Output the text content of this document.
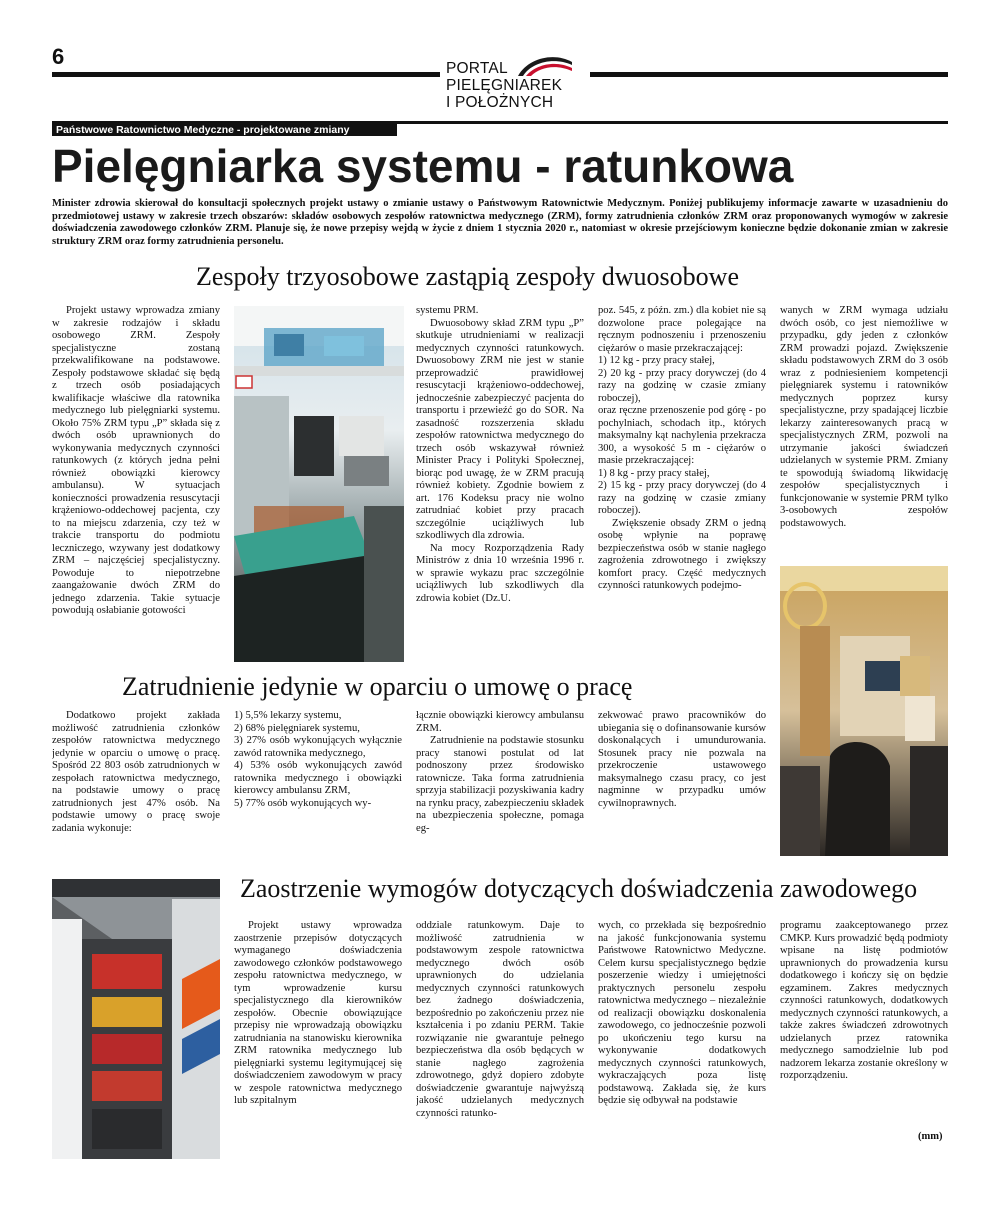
6	PORTAL
PIELĘGNIAREK
I POŁOŻNYCH
Państwowe Ratownictwo Medyczne - projektowane zmiany
Pielęgniarka systemu - ratunkowa
Minister zdrowia skierował do konsultacji społecznych projekt ustawy o zmianie ustawy o Państwowym Ratownictwie Medycznym. Poniżej publikujemy informacje zawarte w uzasadnieniu do przedmiotowej ustawy w zakresie trzech obszarów: składów osobowych zespołów ratownictwa medycznego (ZRM), formy zatrudnienia członków ZRM oraz proponowanych wymogów w zakresie doświadczenia zawodowego członków ZRM. Planuje się, że nowe przepisy wejdą w życie z dniem 1 stycznia 2020 r., natomiast w okresie przejściowym konieczne będzie dokonanie zmian w zakresie struktury ZRM oraz formy zatrudnienia personelu.
Zespoły trzyosobowe zastąpią zespoły dwuosobowe

Projekt ustawy wprowadza zmiany w zakresie rodzajów i składu osobowego ZRM. Zespoły specjalistyczne zostaną przekwalifikowane na podstawowe. Zespoły podstawowe składać się będą z trzech osób posiadających kwalifikacje właściwe dla ratownika medycznego lub pielęgniarki systemu. Około 75% ZRM typu „P” składa się z dwóch osób uprawnionych do wykonywania medycznych czynności ratunkowych (z których jedna pełni również obowiązki kierowcy ambulansu). W sytuacjach konieczności prowadzenia resuscytacji krążeniowo-oddechowej pacjenta, czy to na miejscu zdarzenia, czy też w trakcie transportu do podmiotu leczniczego, wzywany jest dodatkowy ZRM – najczęściej specjalistyczny. Powoduje to niepotrzebne zaangażowanie dwóch ZRM do jednego zdarzenia. Takie sytuacje powodują osłabianie gotowości

systemu PRM.

Dwuosobowy skład ZRM typu „P” skutkuje utrudnieniami w realizacji medycznych czynności ratunkowych. Dwuosobowy ZRM nie jest w stanie przeprowadzić prawidłowej resuscytacji krążeniowo-oddechowej, jednocześnie zabezpieczyć pacjenta do transportu i przewieźć go do SOR. Na zasadność rozszerzenia składu zespołów ratownictwa medycznego do trzech osób wskazywał również Minister Pracy i Polityki Społecznej, biorąc pod uwagę, że w ZRM pracują również kobiety. Zgodnie bowiem z art. 176 Kodeksu pracy nie wolno zatrudniać kobiet przy pracach szczególnie uciążliwych lub szkodliwych dla zdrowia.

Na mocy Rozporządzenia Rady Ministrów z dnia 10 września 1996 r. w sprawie wykazu prac szczególnie uciążliwych lub szkodliwych dla zdrowia kobiet (Dz.U.

poz. 545, z późn. zm.) dla kobiet nie są dozwolone prace polegające na ręcznym podnoszeniu i przenoszeniu ciężarów o masie przekraczającej:

1) 12 kg - przy pracy stałej,

2) 20 kg - przy pracy dorywczej (do 4 razy na godzinę w czasie zmiany roboczej),

oraz ręczne przenoszenie pod górę - po pochylniach, schodach itp., których maksymalny kąt nachylenia przekracza 300, a wysokość 5 m - ciężarów o masie przekraczającej:

1) 8 kg - przy pracy stałej,

2) 15 kg - przy pracy dorywczej (do 4 razy na godzinę w czasie zmiany roboczej).

Zwiększenie obsady ZRM o jedną osobę wpłynie na poprawę bezpieczeństwa osób w stanie nagłego zagrożenia zdrowotnego i zwiększy komfort pracy. Część medycznych czynności ratunkowych podejmo-

wanych w ZRM wymaga udziału dwóch osób, co jest niemożliwe w przypadku, gdy jeden z członków ZRM prowadzi pojazd. Zwiększenie składu podstawowych ZRM do 3 osób wraz z podniesieniem kompetencji pielęgniarek systemu i ratowników medycznych poprzez kursy specjalistyczne, przy spadającej liczbie lekarzy zainteresowanych pracą w specjalistycznych ZRM, pozwoli na utrzymanie jakości świadczeń udzielanych w systemie PRM. Zmiany te spowodują świadomą likwidację zespołów specjalistycznych i funkcjonowanie w systemie PRM tylko 3-osobowych zespołów podstawowych.

Zatrudnienie jedynie w oparciu o umowę o pracę

Dodatkowo projekt zakłada możliwość zatrudnienia członków zespołów ratownictwa medycznego jedynie w oparciu o umowę o pracę. Spośród 22 803 osób zatrudnionych w zespołach ratownictwa medycznego, na podstawie umowy o pracę zatrudnionych jest 47% osób. Na podstawie umowy o pracę swoje zadania wykonuje:

1) 5,5% lekarzy systemu,

2) 68% pielęgniarek systemu,

3) 27% osób wykonujących wyłącznie zawód ratownika medycznego,

4) 53% osób wykonujących zawód ratownika medycznego i obowiązki kierowcy ambulansu ZRM,

5) 77% osób wykonujących wy-

łącznie obowiązki kierowcy ambulansu ZRM.

Zatrudnienie na podstawie stosunku pracy stanowi postulat od lat podnoszony przez środowisko ratownicze. Taka forma zatrudnienia sprzyja stabilizacji pozyskiwania kadry na rynku pracy, zabezpieczeniu składek na ubezpieczenia społeczne, pomaga eg-

zekwować prawo pracowników do ubiegania się o dofinansowanie kursów doskonalących i umundurowania. Stosunek pracy nie pozwala na przekroczenie ustawowego maksymalnego czasu pracy, co jest nagminne w przypadku umów cywilnoprawnych.

Zaostrzenie wymogów dotyczących doświadczenia zawodowego

Projekt ustawy wprowadza zaostrzenie przepisów dotyczących wymaganego doświadczenia zawodowego członków podstawowego zespołu ratownictwa medycznego, w tym wprowadzenie kursu specjalistycznego dla kierowników zespołów. Obecnie obowiązujące przepisy nie wprowadzają obowiązku zatrudniania na stanowisku kierownika ZRM ratownika medycznego lub pielęgniarki systemu legitymującej się doświadczeniem zawodowym w pracy w zespole ratownictwa medycznego lub szpitalnym

oddziale ratunkowym. Daje to możliwość zatrudnienia w podstawowym zespole ratownictwa medycznego dwóch osób uprawnionych do udzielania medycznych czynności ratunkowych bez żadnego doświadczenia, bezpośrednio po zakończeniu przez nie kształcenia i po zdaniu PERM. Takie rozwiązanie nie gwarantuje pełnego bezpieczeństwa dla osób będących w stanie nagłego zagrożenia zdrowotnego, gdyż dopiero zdobyte doświadczenie gwarantuje najwyższą jakość udzielanych medycznych czynności ratunko-

wych, co przekłada się bezpośrednio na jakość funkcjonowania systemu Państwowe Ratownictwo Medyczne. Celem kursu specjalistycznego będzie poszerzenie wiedzy i umiejętności praktycznych personelu zespołu ratownictwa medycznego – niezależnie od realizacji obowiązku doskonalenia zawodowego, co jednocześnie pozwoli po ukończeniu tego kursu na wykonywanie dodatkowych medycznych czynności ratunkowych, wykraczających poza listę podstawową. Zakłada się, że kurs będzie się odbywał na podstawie

programu zaakceptowanego przez CMKP. Kurs prowadzić będą podmioty wpisane na listę podmiotów uprawnionych do prowadzenia kursu dodatkowego i kończy się on będzie egzaminem. Zakres medycznych czynności ratunkowych, dodatkowych medycznych czynności ratunkowych, a także zakres świadczeń zdrowotnych udzielanych przez ratownika medycznego samodzielnie lub pod nadzorem lekarza zostanie określony w rozporządzeniu.

(mm)
